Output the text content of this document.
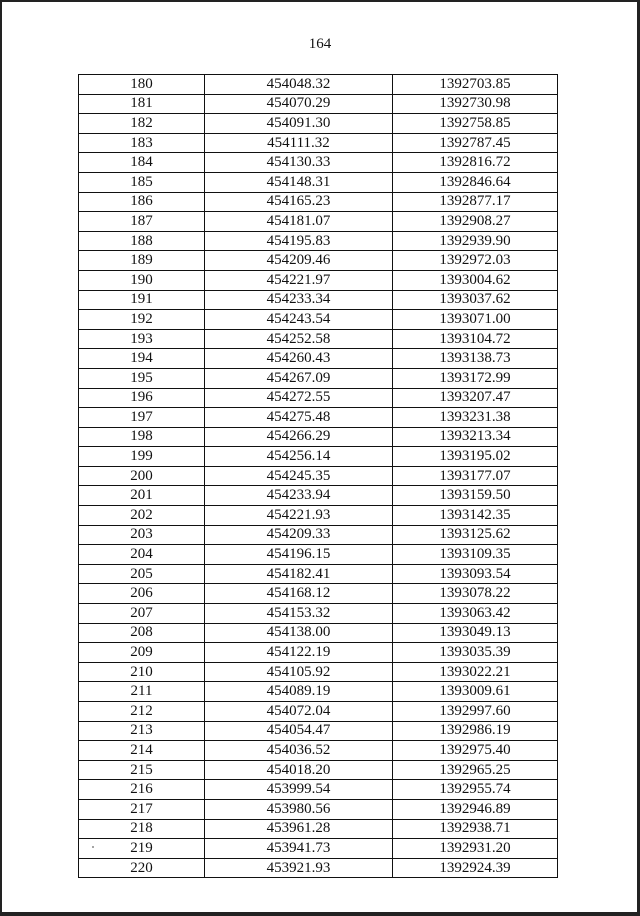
164
180	454048.32	1392703.85
181	454070.29	1392730.98
182	454091.30	1392758.85
183	454111.32	1392787.45
184	454130.33	1392816.72
185	454148.31	1392846.64
186	454165.23	1392877.17
187	454181.07	1392908.27
188	454195.83	1392939.90
189	454209.46	1392972.03
190	454221.97	1393004.62
191	454233.34	1393037.62
192	454243.54	1393071.00
193	454252.58	1393104.72
194	454260.43	1393138.73
195	454267.09	1393172.99
196	454272.55	1393207.47
197	454275.48	1393231.38
198	454266.29	1393213.34
199	454256.14	1393195.02
200	454245.35	1393177.07
201	454233.94	1393159.50
202	454221.93	1393142.35
203	454209.33	1393125.62
204	454196.15	1393109.35
205	454182.41	1393093.54
206	454168.12	1393078.22
207	454153.32	1393063.42
208	454138.00	1393049.13
209	454122.19	1393035.39
210	454105.92	1393022.21
211	454089.19	1393009.61
212	454072.04	1392997.60
213	454054.47	1392986.19
214	454036.52	1392975.40
215	454018.20	1392965.25
216	453999.54	1392955.74
217	453980.56	1392946.89
218	453961.28	1392938.71
219	453941.73	1392931.20
220	453921.93	1392924.39
